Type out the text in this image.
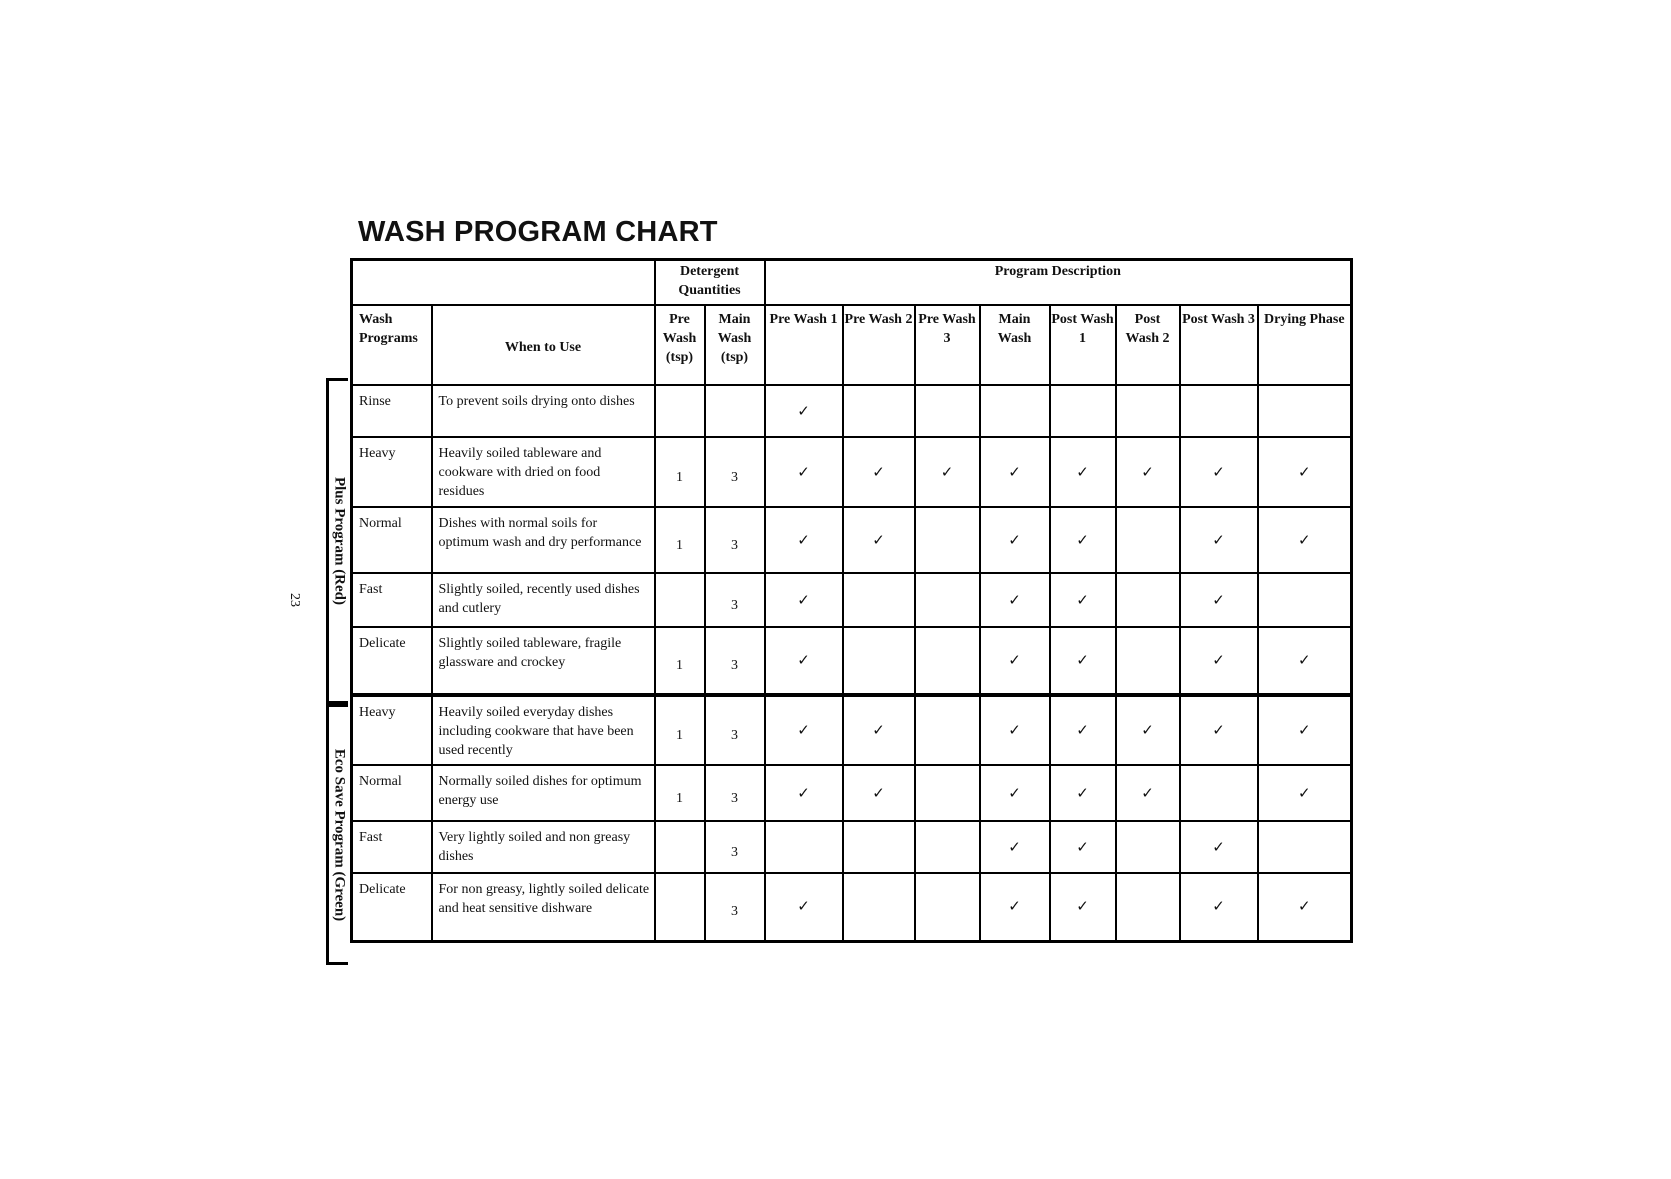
WASH PROGRAM CHART
23 Plus Program (Red)
Eco Save Program (Green)
		Detergent Quantities		Program Description							
Wash Programs	When to Use	Pre Wash (tsp)	Main Wash (tsp)	Pre Wash 1	Pre Wash 2	Pre Wash 3	Main Wash	Post Wash 1	Post Wash 2	Post Wash 3	Drying Phase
Rinse	To prevent soils drying onto dishes			✓							
Heavy	Heavily soiled tableware and cookware with dried on food residues	1	3	✓	✓	✓	✓	✓	✓	✓	✓
Normal	Dishes with normal soils for optimum wash and dry performance	1	3	✓	✓		✓	✓		✓	✓
Fast	Slightly soiled, recently used dishes and cutlery		3	✓			✓	✓		✓	
Delicate	Slightly soiled tableware, fragile glassware and crockey	1	3	✓			✓	✓		✓	✓
Heavy	Heavily soiled everyday dishes including cookware that have been used recently	1	3	✓	✓		✓	✓	✓	✓	✓
Normal	Normally soiled dishes for optimum energy use	1	3	✓	✓		✓	✓	✓		✓
Fast	Very lightly soiled and non greasy dishes		3				✓	✓		✓	
Delicate	For non greasy, lightly soiled delicate and heat sensitive dishware		3	✓			✓	✓		✓	✓
